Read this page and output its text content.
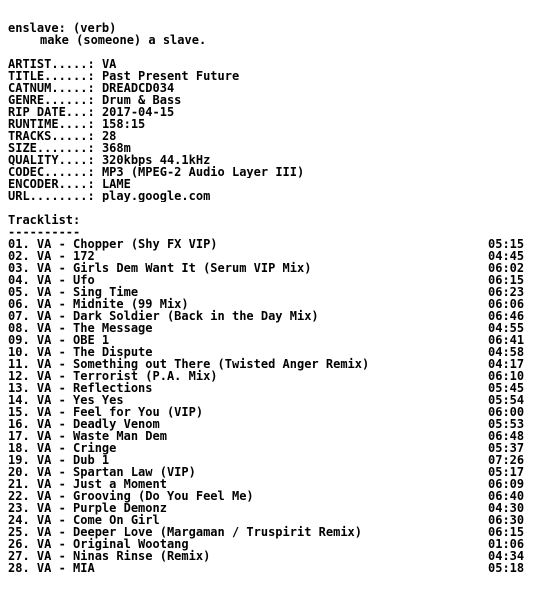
enslave: (verb)
make (someone) a slave.
ARTIST.....: VA
TITLE......: Past Present Future
CATNUM.....: DREADCD034
GENRE......: Drum & Bass
RIP DATE...: 2017-04-15
RUNTIME....: 158:15
TRACKS.....: 28
SIZE.......: 368m
QUALITY....: 320kbps 44.1kHz
CODEC......: MP3 (MPEG-2 Audio Layer III)
ENCODER....: LAME
URL........: play.google.com
Tracklist:
----------
01. VA - Chopper (Shy FX VIP)	05:15
02. VA - 172	04:45
03. VA - Girls Dem Want It (Serum VIP Mix)	06:02
04. VA - Ufo	06:15
05. VA - Sing Time	06:23
06. VA - Midnite (99 Mix)	06:06
07. VA - Dark Soldier (Back in the Day Mix)	06:46
08. VA - The Message	04:55
09. VA - OBE 1	06:41
10. VA - The Dispute	04:58
11. VA - Something out There (Twisted Anger Remix)	04:17
12. VA - Terrorist (P.A. Mix)	06:10
13. VA - Reflections	05:45
14. VA - Yes Yes	05:54
15. VA - Feel for You (VIP)	06:00
16. VA - Deadly Venom	05:53
17. VA - Waste Man Dem	06:48
18. VA - Cringe	05:37
19. VA - Dub 1	07:26
20. VA - Spartan Law (VIP)	05:17
21. VA - Just a Moment	06:09
22. VA - Grooving (Do You Feel Me)	06:40
23. VA - Purple Demonz	04:30
24. VA - Come On Girl	06:30
25. VA - Deeper Love (Margaman / Truspirit Remix)	06:15
26. VA - Original Wootang	01:06
27. VA - Ninas Rinse (Remix)	04:34
28. VA - MIA	05:18
